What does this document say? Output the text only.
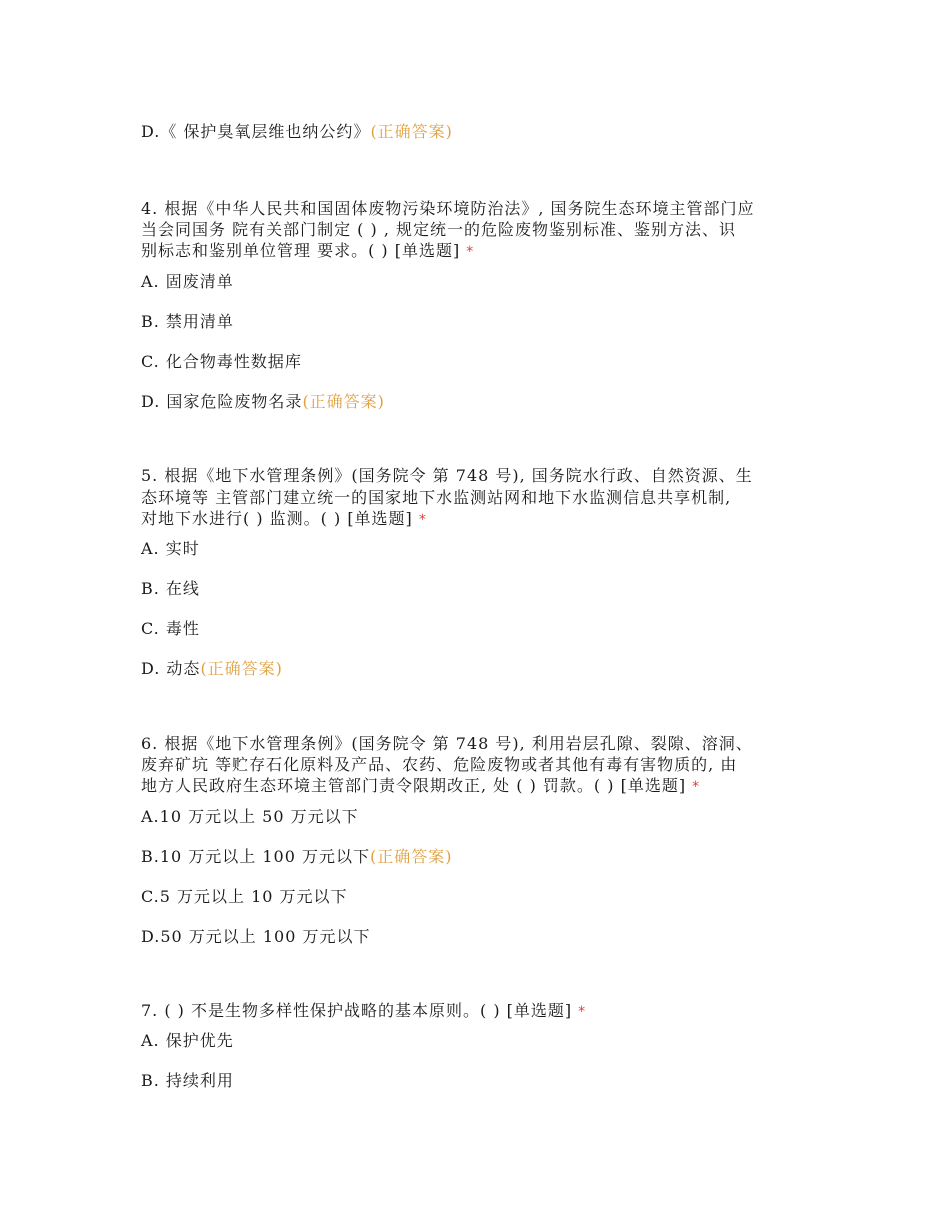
D.《 保护臭氧层维也纳公约》(正确答案)

4. 根据《中华人民共和国固体废物污染环境防治法》, 国务院生态环境主管部门应

当会同国务 院有关部门制定 ( ) , 规定统一的危险废物鉴别标准、鉴别方法、识

别标志和鉴别单位管理 要求。( ) [单选题] *

A. 固废清单

B. 禁用清单

C. 化合物毒性数据库

D. 国家危险废物名录(正确答案)

5. 根据《地下水管理条例》(国务院令 第 748 号), 国务院水行政、自然资源、生

态环境等 主管部门建立统一的国家地下水监测站网和地下水监测信息共享机制,

对地下水进行( ) 监测。( ) [单选题] *

A. 实时

B. 在线

C. 毒性

D. 动态(正确答案)

6. 根据《地下水管理条例》(国务院令 第 748 号), 利用岩层孔隙、裂隙、溶洞、

废弃矿坑 等贮存石化原料及产品、农药、危险废物或者其他有毒有害物质的, 由

地方人民政府生态环境主管部门责令限期改正, 处 ( ) 罚款。( ) [单选题] *

A.10 万元以上 50 万元以下

B.10 万元以上 100 万元以下(正确答案)

C.5 万元以上 10 万元以下

D.50 万元以上 100 万元以下

7. ( ) 不是生物多样性保护战略的基本原则。( ) [单选题] *

A. 保护优先

B. 持续利用
